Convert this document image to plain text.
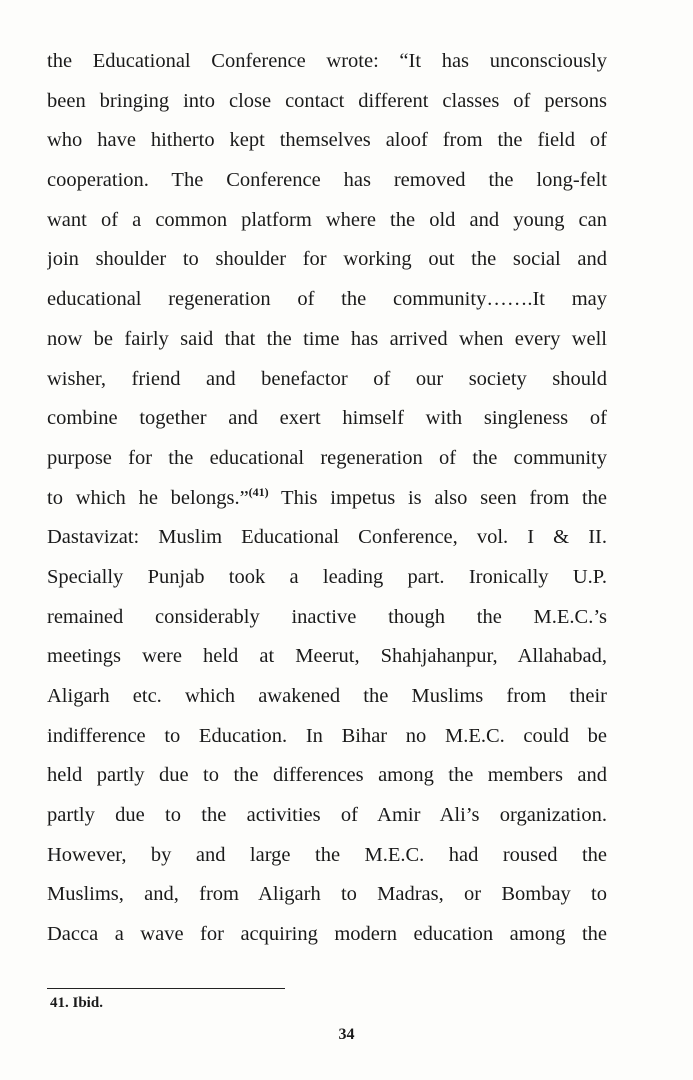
the Educational Conference wrote: “It has unconsciously
been bringing into close contact different classes of persons
who have hitherto kept themselves aloof from the field of
cooperation. The Conference has removed the long-felt
want of a common platform where the old and young can
join shoulder to shoulder for working out the social and
educational regeneration of the community…….It may
now be fairly said that the time has arrived when every well
wisher, friend and benefactor of our society should
combine together and exert himself with singleness of
purpose for the educational regeneration of the community
to which he belongs.”$^{(41)}$ This impetus is also seen from the
Dastavizat: Muslim Educational Conference, vol. I & II.
Specially Punjab took a leading part. Ironically U.P.
remained considerably inactive though the M.E.C.’s
meetings were held at Meerut, Shahjahanpur, Allahabad,
Aligarh etc. which awakened the Muslims from their
indifference to Education. In Bihar no M.E.C. could be
held partly due to the differences among the members and
partly due to the activities of Amir Ali’s organization.
However, by and large the M.E.C. had roused the
Muslims, and, from Aligarh to Madras, or Bombay to
Dacca a wave for acquiring modern education among the
41. Ibid.
34
